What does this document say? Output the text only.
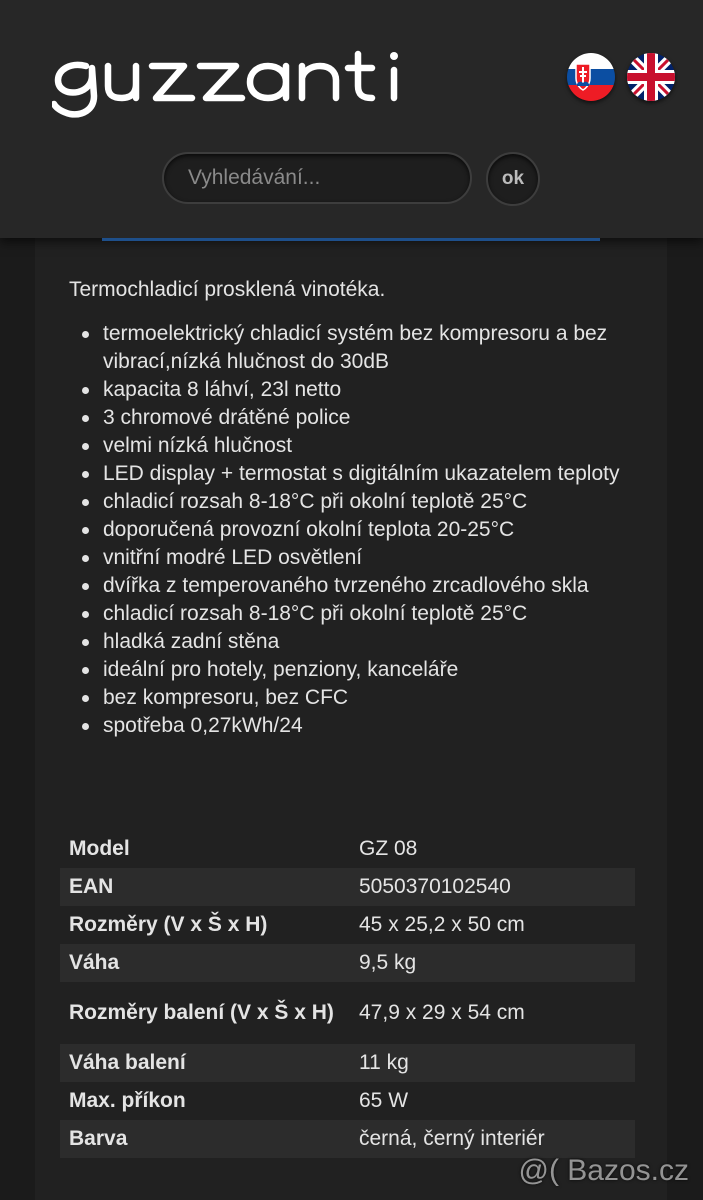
Vyhledávání...
ok

Termochladicí prosklená vinotéka.

termoelektrický chladicí systém bez kompresoru a bez vibrací,nízká hlučnost do 30dB
kapacita 8 láhví, 23l netto
3 chromové drátěné police
velmi nízká hlučnost
LED display + termostat s digitálním ukazatelem teploty
chladicí rozsah 8-18°C při okolní teplotě 25°C
doporučená provozní okolní teplota 20-25°C
vnitřní modré LED osvětlení
dvířka z temperovaného tvrzeného zrcadlového skla
chladicí rozsah 8-18°C při okolní teplotě 25°C
hladká zadní stěna
ideální pro hotely, penziony, kanceláře
bez kompresoru, bez CFC
spotřeba 0,27kWh/24
Model	GZ 08
EAN	5050370102540
Rozměry (V x Š x H)	45 x 25,2 x 50 cm
Váha	9,5 kg
Rozměry balení (V x Š x H)	47,9 x 29 x 54 cm
Váha balení	11 kg
Max. příkon	65 W
Barva	černá, černý interiér
@( Bazos.cz
